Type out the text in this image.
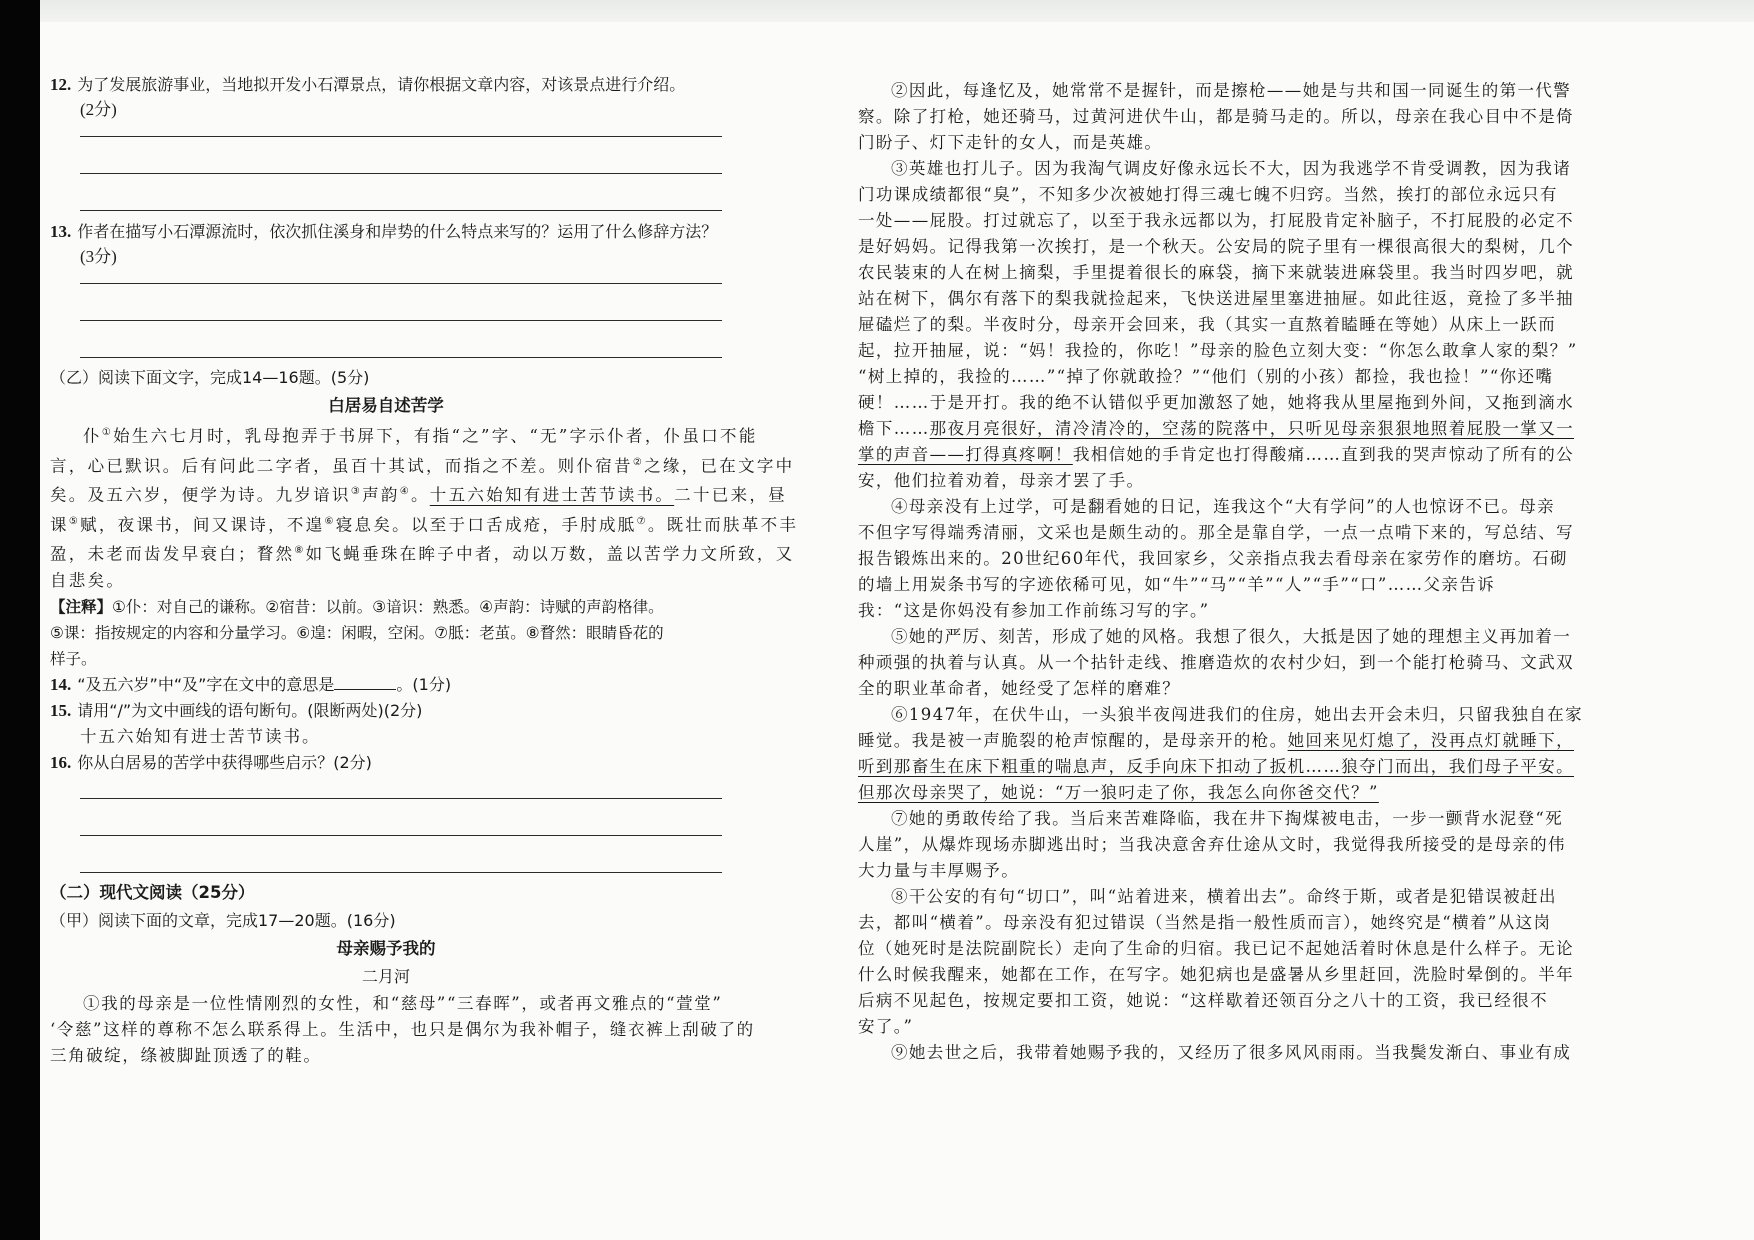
12. 为了发展旅游事业，当地拟开发小石潭景点，请你根据文章内容，对该景点进行介绍。
(2分)
13. 作者在描写小石潭源流时，依次抓住溪身和岸势的什么特点来写的？运用了什么修辞方法？
(3分)
（乙）阅读下面文字，完成14—16题。(5分)
白居易自述苦学
仆①始生六七月时，乳母抱弄于书屏下，有指“之”字、“无”字示仆者，仆虽口不能
言，心已默识。后有问此二字者，虽百十其试，而指之不差。则仆宿昔②之缘，已在文字中
矣。及五六岁，便学为诗。九岁谙识③声韵④。十五六始知有进士苦节读书。二十已来，昼
课⑤赋，夜课书，间又课诗，不遑⑥寝息矣。以至于口舌成疮，手肘成胝⑦。既壮而肤革不丰
盈，未老而齿发早衰白；瞀然⑧如飞蝇垂珠在眸子中者，动以万数，盖以苦学力文所致，又
自悲矣。
【注释】①仆：对自己的谦称。②宿昔：以前。③谙识：熟悉。④声韵：诗赋的声韵格律。
⑤课：指按规定的内容和分量学习。⑥遑：闲暇，空闲。⑦胝：老茧。⑧瞀然：眼睛昏花的
样子。
14. “及五六岁”中“及”字在文中的意思是	。(1分)
15. 请用“/”为文中画线的语句断句。(限断两处)(2分)
十五六始知有进士苦节读书。
16. 你从白居易的苦学中获得哪些启示？(2分)
（二）现代文阅读（25分）
（甲）阅读下面的文章，完成17—20题。(16分)
母亲赐予我的
二月河
①我的母亲是一位性情刚烈的女性，和“慈母”“三春晖”，或者再文雅点的“萱堂”
‘令慈”这样的尊称不怎么联系得上。生活中，也只是偶尔为我补帽子，缝衣裤上刮破了的
三角破绽，绦被脚趾顶透了的鞋。
②因此，每逢忆及，她常常不是握针，而是擦枪——她是与共和国一同诞生的第一代警
察。除了打枪，她还骑马，过黄河进伏牛山，都是骑马走的。所以，母亲在我心目中不是倚
门盼子、灯下走针的女人，而是英雄。
③英雄也打儿子。因为我淘气调皮好像永远长不大，因为我逃学不肯受调教，因为我诸
门功课成绩都很“臭”，不知多少次被她打得三魂七魄不归窍。当然，挨打的部位永远只有
一处——屁股。打过就忘了，以至于我永远都以为，打屁股肯定补脑子，不打屁股的必定不
是好妈妈。记得我第一次挨打，是一个秋天。公安局的院子里有一棵很高很大的梨树，几个
农民装束的人在树上摘梨，手里提着很长的麻袋，摘下来就装进麻袋里。我当时四岁吧，就
站在树下，偶尔有落下的梨我就捡起来，飞快送进屋里塞进抽屉。如此往返，竟捡了多半抽
屉磕烂了的梨。半夜时分，母亲开会回来，我（其实一直熬着瞌睡在等她）从床上一跃而
起，拉开抽屉，说：“妈！我捡的，你吃！”母亲的脸色立刻大变：“你怎么敢拿人家的梨？”
“树上掉的，我捡的……”“掉了你就敢捡？”“他们（别的小孩）都捡，我也捡！”“你还嘴
硬！……于是开打。我的绝不认错似乎更加激怒了她，她将我从里屋拖到外间，又拖到滴水
檐下……那夜月亮很好，清冷清冷的，空荡的院落中，只听见母亲狠狠地照着屁股一掌又一
掌的声音——打得真疼啊！我相信她的手肯定也打得酸痛……直到我的哭声惊动了所有的公
安，他们拉着劝着，母亲才罢了手。
④母亲没有上过学，可是翻看她的日记，连我这个“大有学问”的人也惊讶不已。母亲
不但字写得端秀清丽，文采也是颇生动的。那全是靠自学，一点一点啃下来的，写总结、写
报告锻炼出来的。20世纪60年代，我回家乡，父亲指点我去看母亲在家劳作的磨坊。石砌
的墙上用炭条书写的字迹依稀可见，如“牛”“马”“羊”“人”“手”“口”……父亲告诉
我：“这是你妈没有参加工作前练习写的字。”
⑤她的严厉、刻苦，形成了她的风格。我想了很久，大抵是因了她的理想主义再加着一
种顽强的执着与认真。从一个拈针走线、推磨造炊的农村少妇，到一个能打枪骑马、文武双
全的职业革命者，她经受了怎样的磨难？
⑥1947年，在伏牛山，一头狼半夜闯进我们的住房，她出去开会未归，只留我独自在家
睡觉。我是被一声脆裂的枪声惊醒的，是母亲开的枪。她回来见灯熄了，没再点灯就睡下，
听到那畜生在床下粗重的喘息声，反手向床下扣动了扳机……狼夺门而出，我们母子平安。
但那次母亲哭了，她说：“万一狼叼走了你，我怎么向你爸交代？”
⑦她的勇敢传给了我。当后来苦难降临，我在井下掏煤被电击，一步一颤背水泥登“死
人崖”，从爆炸现场赤脚逃出时；当我决意舍弃仕途从文时，我觉得我所接受的是母亲的伟
大力量与丰厚赐予。
⑧干公安的有句“切口”，叫“站着进来，横着出去”。命终于斯，或者是犯错误被赶出
去，都叫“横着”。母亲没有犯过错误（当然是指一般性质而言），她终究是“横着”从这岗
位（她死时是法院副院长）走向了生命的归宿。我已记不起她活着时休息是什么样子。无论
什么时候我醒来，她都在工作，在写字。她犯病也是盛暑从乡里赶回，洗脸时晕倒的。半年
后病不见起色，按规定要扣工资，她说：“这样歇着还领百分之八十的工资，我已经很不
安了。”
⑨她去世之后，我带着她赐予我的，又经历了很多风风雨雨。当我鬓发渐白、事业有成
